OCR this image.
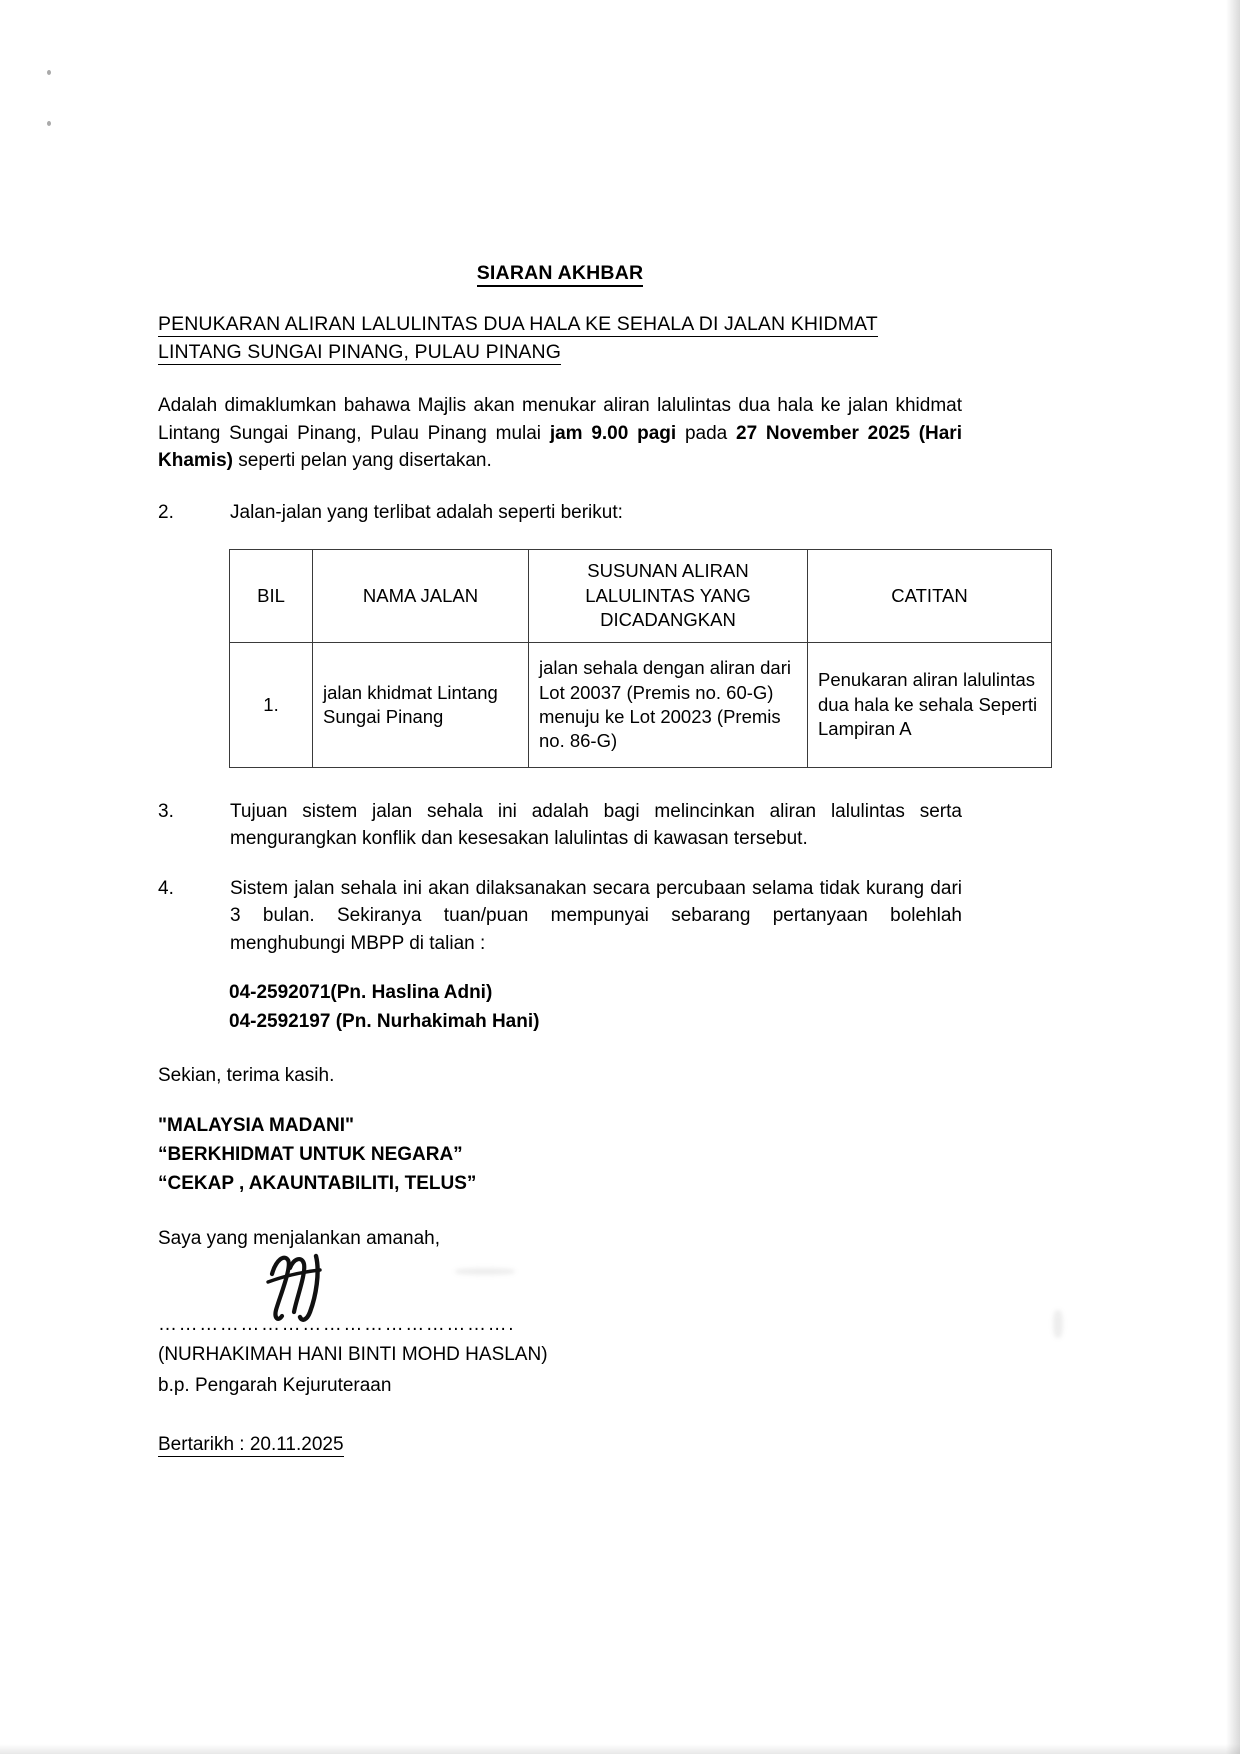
SIARAN AKHBAR
PENUKARAN ALIRAN LALULINTAS DUA HALA KE SEHALA DI JALAN KHIDMAT
LINTANG SUNGAI PINANG, PULAU PINANG

Adalah dimaklumkan bahawa Majlis akan menukar aliran lalulintas dua hala ke jalan khidmat Lintang Sungai Pinang, Pulau Pinang mulai jam 9.00 pagi pada 27 November 2025 (Hari Khamis) seperti pelan yang disertakan.

2.	Jalan-jalan yang terlibat adalah seperti berikut:
BIL	NAMA JALAN	SUSUNAN ALIRAN
LALULINTAS YANG
DICADANGKAN	CATITAN
1.	jalan khidmat Lintang Sungai Pinang	jalan sehala dengan aliran dari Lot 20037 (Premis no. 60-G) menuju ke Lot 20023 (Premis no. 86-G)	Penukaran aliran lalulintas dua hala ke sehala Seperti Lampiran A
3.	Tujuan sistem jalan sehala ini adalah bagi melincinkan aliran lalulintas serta mengurangkan konflik dan kesesakan lalulintas di kawasan tersebut.
4.	Sistem jalan sehala ini akan dilaksanakan secara percubaan selama tidak kurang dari 3 bulan. Sekiranya tuan/puan mempunyai sebarang pertanyaan bolehlah menghubungi MBPP di talian :
04-2592071(Pn. Haslina Adni)
04-2592197 (Pn. Nurhakimah Hani)

Sekian, terima kasih.

"MALAYSIA MADANI"
“BERKHIDMAT UNTUK NEGARA”
“CEKAP , AKAUNTABILITI, TELUS”

Saya yang menjalankan amanah,

…………………………………………….
(NURHAKIMAH HANI BINTI MOHD HASLAN)
b.p. Pengarah Kejuruteraan
Bertarikh : 20.11.2025
